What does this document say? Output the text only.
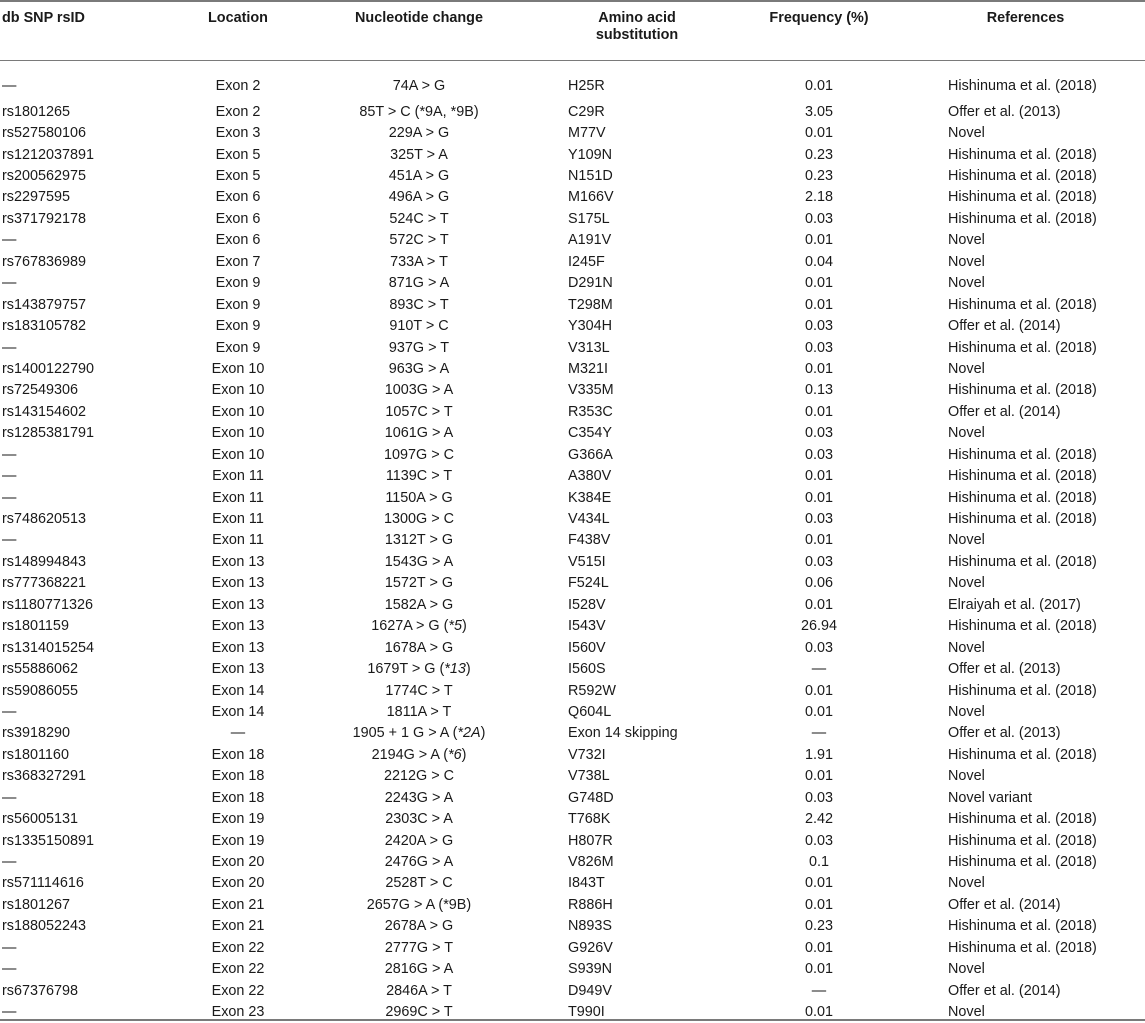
db SNP rsID	Location	Nucleotide change	Amino acid
substitution	Frequency (%)	References
—	Exon 2	74A > G	H25R	0.01	Hishinuma et al. (2018)
rs1801265	Exon 2	85T > C (*9A, *9B)	C29R	3.05	Offer et al. (2013)
rs527580106	Exon 3	229A > G	M77V	0.01	Novel
rs1212037891	Exon 5	325T > A	Y109N	0.23	Hishinuma et al. (2018)
rs200562975	Exon 5	451A > G	N151D	0.23	Hishinuma et al. (2018)
rs2297595	Exon 6	496A > G	M166V	2.18	Hishinuma et al. (2018)
rs371792178	Exon 6	524C > T	S175L	0.03	Hishinuma et al. (2018)
—	Exon 6	572C > T	A191V	0.01	Novel
rs767836989	Exon 7	733A > T	I245F	0.04	Novel
—	Exon 9	871G > A	D291N	0.01	Novel
rs143879757	Exon 9	893C > T	T298M	0.01	Hishinuma et al. (2018)
rs183105782	Exon 9	910T > C	Y304H	0.03	Offer et al. (2014)
—	Exon 9	937G > T	V313L	0.03	Hishinuma et al. (2018)
rs1400122790	Exon 10	963G > A	M321I	0.01	Novel
rs72549306	Exon 10	1003G > A	V335M	0.13	Hishinuma et al. (2018)
rs143154602	Exon 10	1057C > T	R353C	0.01	Offer et al. (2014)
rs1285381791	Exon 10	1061G > A	C354Y	0.03	Novel
—	Exon 10	1097G > C	G366A	0.03	Hishinuma et al. (2018)
—	Exon 11	1139C > T	A380V	0.01	Hishinuma et al. (2018)
—	Exon 11	1150A > G	K384E	0.01	Hishinuma et al. (2018)
rs748620513	Exon 11	1300G > C	V434L	0.03	Hishinuma et al. (2018)
—	Exon 11	1312T > G	F438V	0.01	Novel
rs148994843	Exon 13	1543G > A	V515I	0.03	Hishinuma et al. (2018)
rs777368221	Exon 13	1572T > G	F524L	0.06	Novel
rs1180771326	Exon 13	1582A > G	I528V	0.01	Elraiyah et al. (2017)
rs1801159	Exon 13	1627A > G (*5)	I543V	26.94	Hishinuma et al. (2018)
rs1314015254	Exon 13	1678A > G	I560V	0.03	Novel
rs55886062	Exon 13	1679T > G (*13)	I560S	—	Offer et al. (2013)
rs59086055	Exon 14	1774C > T	R592W	0.01	Hishinuma et al. (2018)
—	Exon 14	1811A > T	Q604L	0.01	Novel
rs3918290	—	1905 + 1 G > A (*2A)	Exon 14 skipping	—	Offer et al. (2013)
rs1801160	Exon 18	2194G > A (*6)	V732I	1.91	Hishinuma et al. (2018)
rs368327291	Exon 18	2212G > C	V738L	0.01	Novel
—	Exon 18	2243G > A	G748D	0.03	Novel variant
rs56005131	Exon 19	2303C > A	T768K	2.42	Hishinuma et al. (2018)
rs1335150891	Exon 19	2420A > G	H807R	0.03	Hishinuma et al. (2018)
—	Exon 20	2476G > A	V826M	0.1	Hishinuma et al. (2018)
rs571114616	Exon 20	2528T > C	I843T	0.01	Novel
rs1801267	Exon 21	2657G > A (*9B)	R886H	0.01	Offer et al. (2014)
rs188052243	Exon 21	2678A > G	N893S	0.23	Hishinuma et al. (2018)
—	Exon 22	2777G > T	G926V	0.01	Hishinuma et al. (2018)
—	Exon 22	2816G > A	S939N	0.01	Novel
rs67376798	Exon 22	2846A > T	D949V	—	Offer et al. (2014)
—	Exon 23	2969C > T	T990I	0.01	Novel
